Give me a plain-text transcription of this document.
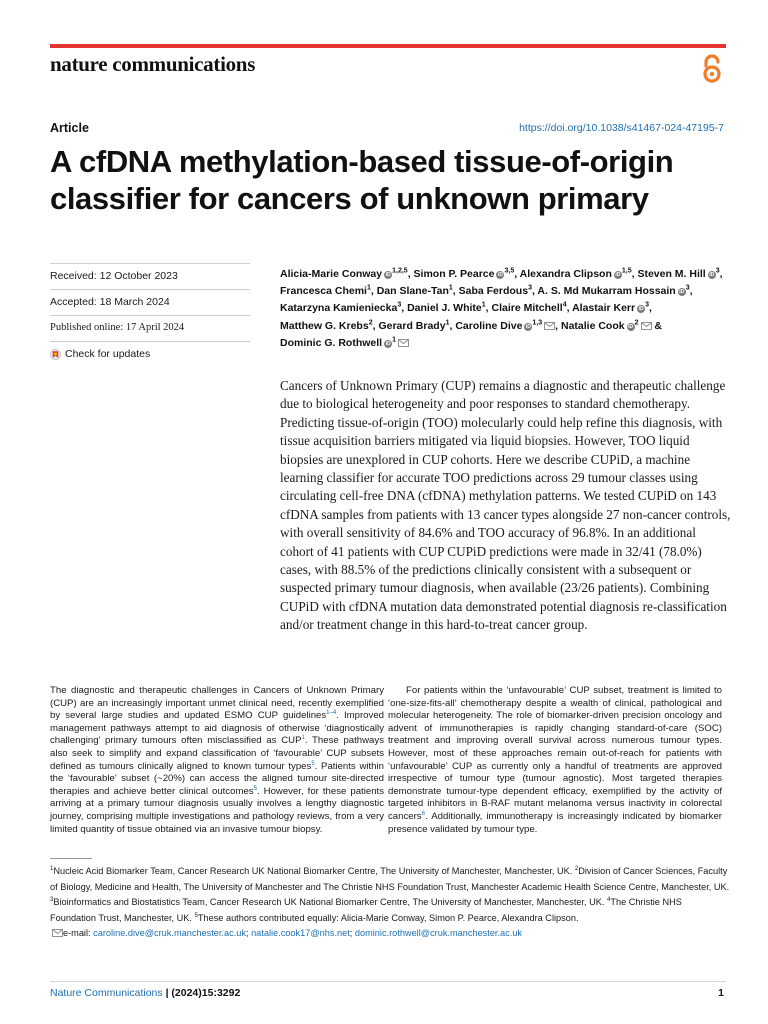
nature communications
Article	https://doi.org/10.1038/s41467-024-47195-7
A cfDNA methylation-based tissue-of-origin classifier for cancers of unknown primary
Received: 12 October 2023
Accepted: 18 March 2024
Published online: 17 April 2024
Check for updates
Alicia-Marie Conway iD$^{1,2,5}$, Simon P. Pearce iD$^{3,5}$, Alexandra Clipson iD$^{1,5}$, Steven M. Hill $iD^3$, Francesca Chemi$^1$, Dan Slane-Tan$^1$, Saba Ferdous$^3$, A. S. Md Mukarram Hossain $iD^3$, Katarzyna Kamieniecka$^3$, Daniel J. White$^1$, Claire Mitchell$^4$, Alastair Kerr $iD^3$, Matthew G. Krebs$^2$, Gerard Brady$^1$, Caroline Dive iD$^{1,3}$ , Natalie Cook $iD^2$ & Dominic G. Rothwell $iD^1$

Cancers of Unknown Primary (CUP) remains a diagnostic and therapeutic challenge due to biological heterogeneity and poor responses to standard chemotherapy. Predicting tissue-of-origin (TOO) molecularly could help refine this diagnosis, with tissue acquisition barriers mitigated via liquid biopsies. However, TOO liquid biopsies are unexplored in CUP cohorts. Here we describe CUPiD, a machine learning classifier for accurate TOO predictions across 29 tumour classes using circulating cell-free DNA (cfDNA) methylation patterns. We tested CUPiD on 143 cfDNA samples from patients with 13 cancer types alongside 27 non-cancer controls, with overall sensitivity of 84.6% and TOO accuracy of 96.8%. In an additional cohort of 41 patients with CUP CUPiD predictions were made in 32/41 (78.0%) cases, with 88.5% of the predictions clinically consistent with a subsequent or suspected primary tumour diagnosis, when available (23/26 patients). Combining CUPiD with cfDNA mutation data demonstrated potential diagnosis re-classification and/or treatment change in this hard-to-treat cancer group.

The diagnostic and therapeutic challenges in Cancers of Unknown Primary (CUP) are an increasingly important unmet clinical need, recently exemplified by several large studies and updated ESMO CUP guidelines$^{1-4}$. Improved management pathways attempt to aid diagnosis of otherwise ‘diagnostically challenging’ primary tumours often misclassified as CUP$^1$. These pathways also seek to simplify and expand classification of ‘favourable’ CUP subsets defined as tumours clinically aligned to known tumour types$^5$. Patients within the ‘favourable’ subset (~20%) can access the aligned tumour site-directed therapies and achieve better clinical outcomes$^5$. However, for these patients arriving at a primary tumour diagnosis usually involves a lengthy diagnostic journey, comprising multiple investigations and pathology reviews, from a very limited quantity of tissue obtained via an invasive tumour biopsy.

For patients within the ‘unfavourable’ CUP subset, treatment is limited to ‘one-size-fits-all’ chemotherapy despite a wealth of clinical, pathological and molecular heterogeneity. The role of biomarker-driven precision oncology and advent of immunotherapies is rapidly changing standard-of-care (SOC) treatment and improving overall survival across numerous tumour types. However, most of these approaches remain out-of-reach for patients with ‘unfavourable’ CUP as currently only a handful of treatments are approved irrespective of tumour type (tumour agnostic). Most targeted therapies demonstrate tumour-type dependent efficacy, exemplified by the activity of targeted inhibitors in B-RAF mutant melanoma versus inactivity in colorectal cancers$^6$. Additionally, immunotherapy is increasingly indicated by biomarker presence validated by tumour type.

$^1$Nucleic Acid Biomarker Team, Cancer Research UK National Biomarker Centre, The University of Manchester, Manchester, UK. $^2$Division of Cancer Sciences, Faculty of Biology, Medicine and Health, The University of Manchester and The Christie NHS Foundation Trust, Manchester Academic Health Science Centre, Manchester, UK. $^3$Bioinformatics and Biostatistics Team, Cancer Research UK National Biomarker Centre, The University of Manchester, Manchester, UK. $^4$The Christie NHS Foundation Trust, Manchester, UK. $^5$These authors contributed equally: Alicia-Marie Conway, Simon P. Pearce, Alexandra Clipson.
e-mail: caroline.dive@cruk.manchester.ac.uk; natalie.cook17@nhs.net; dominic.rothwell@cruk.manchester.ac.uk

Nature Communications | (2024)15:3292	1
